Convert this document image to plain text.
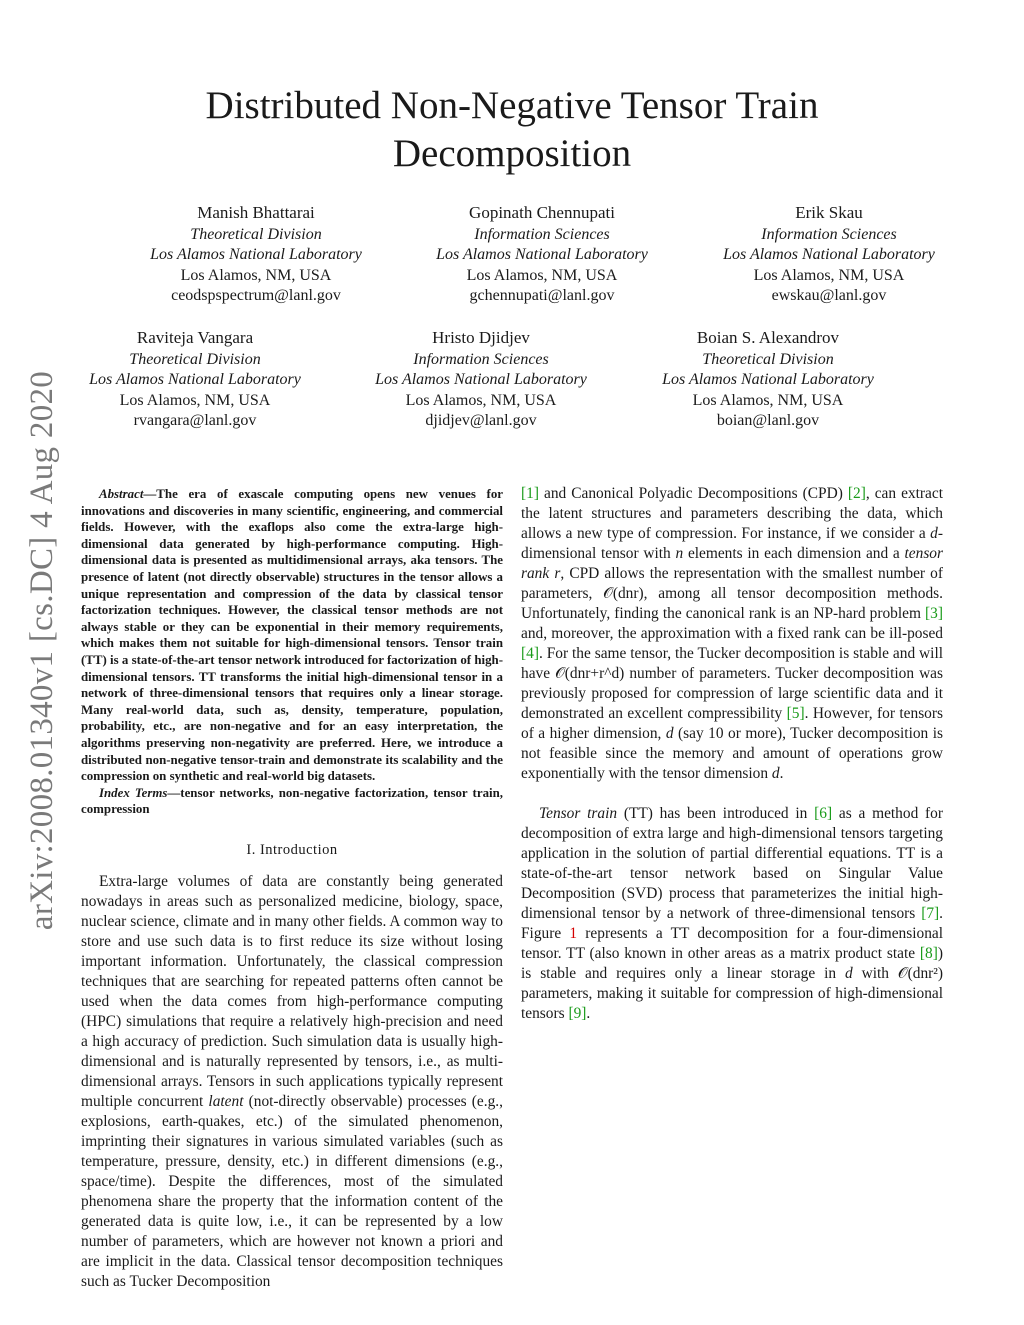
arXiv:2008.01340v1 [cs.DC] 4 Aug 2020
Distributed Non-Negative Tensor Train Decomposition
Manish Bhattarai
Theoretical Division
Los Alamos National Laboratory
Los Alamos, NM, USA
ceodspspectrum@lanl.gov
Gopinath Chennupati
Information Sciences
Los Alamos National Laboratory
Los Alamos, NM, USA
gchennupati@lanl.gov
Erik Skau
Information Sciences
Los Alamos National Laboratory
Los Alamos, NM, USA
ewskau@lanl.gov
Raviteja Vangara
Theoretical Division
Los Alamos National Laboratory
Los Alamos, NM, USA
rvangara@lanl.gov
Hristo Djidjev
Information Sciences
Los Alamos National Laboratory
Los Alamos, NM, USA
djidjev@lanl.gov
Boian S. Alexandrov
Theoretical Division
Los Alamos National Laboratory
Los Alamos, NM, USA
boian@lanl.gov

Abstract—The era of exascale computing opens new venues for innovations and discoveries in many scientific, engineering, and commercial fields. However, with the exaflops also come the extra-large high-dimensional data generated by high-performance computing. High-dimensional data is presented as multidimensional arrays, aka tensors. The presence of latent (not directly observable) structures in the tensor allows a unique representation and compression of the data by classical tensor factorization techniques. However, the classical tensor methods are not always stable or they can be exponential in their memory requirements, which makes them not suitable for high-dimensional tensors. Tensor train (TT) is a state-of-the-art tensor network introduced for factorization of high-dimensional tensors. TT transforms the initial high-dimensional tensor in a network of three-dimensional tensors that requires only a linear storage. Many real-world data, such as, density, temperature, population, probability, etc., are non-negative and for an easy interpretation, the algorithms preserving non-negativity are preferred. Here, we introduce a distributed non-negative tensor-train and demonstrate its scalability and the compression on synthetic and real-world big datasets.

Index Terms—tensor networks, non-negative factorization, tensor train, compression

I. Introduction

Extra-large volumes of data are constantly being generated nowadays in areas such as personalized medicine, biology, space, nuclear science, climate and in many other fields. A common way to store and use such data is to first reduce its size without losing important information. Unfortunately, the classical compression techniques that are searching for repeated patterns often cannot be used when the data comes from high-performance computing (HPC) simulations that require a relatively high-precision and need a high accuracy of prediction. Such simulation data is usually high-dimensional and is naturally represented by tensors, i.e., as multi-dimensional arrays. Tensors in such applications typically represent multiple concurrent latent (not-directly observable) processes (e.g., explosions, earth-quakes, etc.) of the simulated phenomenon, imprinting their signatures in various simulated variables (such as temperature, pressure, density, etc.) in different dimensions (e.g., space/time). Despite the differences, most of the simulated phenomena share the property that the information content of the generated data is quite low, i.e., it can be represented by a low number of parameters, which are however not known a priori and are implicit in the data. Classical tensor decomposition techniques such as Tucker Decomposition

[1] and Canonical Polyadic Decompositions (CPD) [2], can extract the latent structures and parameters describing the data, which allows a new type of compression. For instance, if we consider a d-dimensional tensor with n elements in each dimension and a tensor rank r, CPD allows the representation with the smallest number of parameters, 𝒪(dnr), among all tensor decomposition methods. Unfortunately, finding the canonical rank is an NP-hard problem [3] and, moreover, the approximation with a fixed rank can be ill-posed [4]. For the same tensor, the Tucker decomposition is stable and will have 𝒪(dnr+r^d) number of parameters. Tucker decomposition was previously proposed for compression of large scientific data and it demonstrated an excellent compressibility [5]. However, for tensors of a higher dimension, d (say 10 or more), Tucker decomposition is not feasible since the memory and amount of operations grow exponentially with the tensor dimension d.

Tensor train (TT) has been introduced in [6] as a method for decomposition of extra large and high-dimensional tensors targeting application in the solution of partial differential equations. TT is a state-of-the-art tensor network based on Singular Value Decomposition (SVD) process that parameterizes the initial high-dimensional tensor by a network of three-dimensional tensors [7]. Figure 1 represents a TT decomposition for a four-dimensional tensor. TT (also known in other areas as a matrix product state [8]) is stable and requires only a linear storage in d with 𝒪(dnr²) parameters, making it suitable for compression of high-dimensional tensors [9].
